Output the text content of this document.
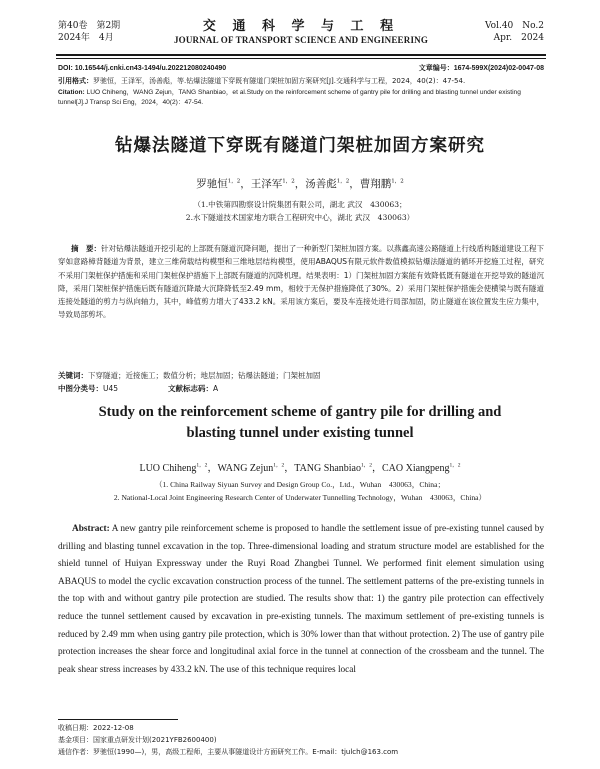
第40卷　第2期
2024年　4月
交 通 科 学 与 工 程
JOURNAL OF TRANSPORT SCIENCE AND ENGINEERING
Vol.40　No.2
Apr.　2024
DOI: 10.16544/j.cnki.cn43-1494/u.202212080240490	文章编号：1674-599X(2024)02-0047-08
引用格式：罗驰恒，王泽军，汤善彪，等.钻爆法隧道下穿既有隧道门架桩加固方案研究[J].交通科学与工程，2024，40(2)：47-54.
Citation: LUO Chiheng，WANG Zejun，TANG Shanbiao，et al.Study on the reinforcement scheme of gantry pile for drilling and blasting tunnel under existing tunnel[J].J Transp Sci Eng，2024，40(2)：47-54.
钻爆法隧道下穿既有隧道门架桩加固方案研究
罗驰恒$^{1,2}$，王泽军$^{1,2}$，汤善彪$^{1,2}$，曹翔鹏$^{1,2}$
（1.中铁第四勘察设计院集团有限公司，湖北 武汉　430063；
2.水下隧道技术国家地方联合工程研究中心，湖北 武汉　430063）
摘　要：针对钻爆法隧道开挖引起的上部既有隧道沉降问题，提出了一种新型门架桩加固方案。以燕鑫高速公路隧道上行线盾构隧道建设工程下穿如意路樟背隧道为背景，建立三维荷载结构模型和三维地层结构模型，使用ABAQUS有限元软件数值模拟钻爆法隧道的循环开挖施工过程，研究不采用门架桩保护措施和采用门架桩保护措施下上部既有隧道的沉降机理。结果表明：1）门架桩加固方案能有效降低既有隧道在开挖导致的隧道沉降，采用门架桩保护措施后既有隧道沉降最大沉降降低至2.49 mm，相较于无保护措施降低了30%。2）采用门架桩保护措施会使横梁与既有隧道连接处隧道的剪力与纵向轴力，其中，峰值剪力增大了433.2 kN。采用该方案后，要及车连接处进行局部加固，防止隧道在该位置发生应力集中，导致局部剪坏。
关键词：下穿隧道；近接施工；数值分析；地层加固；钻爆法隧道；门架桩加固
中图分类号：U45	文献标志码：A
Study on the reinforcement scheme of gantry pile for drilling and
blasting tunnel under existing tunnel
LUO Chiheng$^{1,2}$，WANG Zejun$^{1,2}$，TANG Shanbiao$^{1,2}$，CAO Xiangpeng$^{1,2}$
（1. China Railway Siyuan Survey and Design Group Co.，Ltd.，Wuhan　430063，China；
2. National-Local Joint Engineering Research Center of Underwater Tunnelling Technology，Wuhan　430063，China）
Abstract: A new gantry pile reinforcement scheme is proposed to handle the settlement issue of pre-existing tunnel caused by drilling and blasting tunnel excavation in the top. Three-dimensional loading and stratum structure model are established for the shield tunnel of Huiyan Expressway under the Ruyi Road Zhangbei Tunnel. We performed finit element simulation using ABAQUS to model the cyclic excavation construction process of the tunnel. The settlement patterns of the pre-existing tunnels in the top with and without gantry pile protection are studied. The results show that: 1) the gantry pile protection can effectively reduce the tunnel settlement caused by excavation in pre-existing tunnels. The maximum settlement of pre-existing tunnels is reduced by 2.49 mm when using gantry pile protection, which is 30% lower than that without protection. 2) The use of gantry pile protection increases the shear force and longitudinal axial force in the tunnel at connection of the crossbeam and the tunnel. The peak shear stress increases by 433.2 kN. The use of this technique requires local
收稿日期：2022-12-08
基金项目：国家重点研发计划(2021YFB2600400)
通信作者：罗驰恒(1990—)，男，高级工程师，主要从事隧道设计方面研究工作。E-mail：tjulch@163.com
